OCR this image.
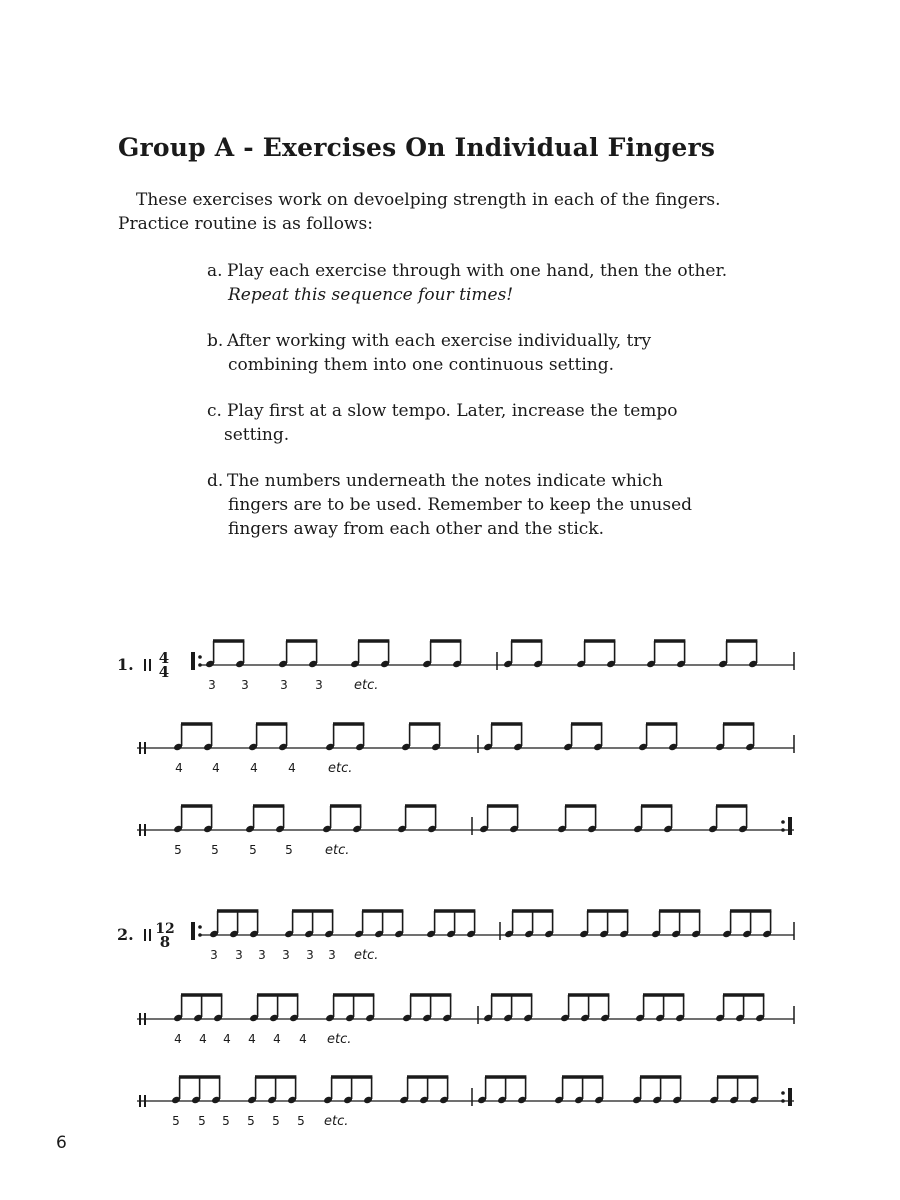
Group A - Exercises On Individual Fingers
These exercises work on devoelping strength in each of the fingers.
Practice routine is as follows:
a. Play each exercise through with one hand, then the other.
Repeat this sequence four times!
b. After working with each exercise individually, try
combining them into one continuous setting.
c. Play first at a slow tempo. Later, increase the tempo
setting.
d. The numbers underneath the notes indicate which
fingers are to be used. Remember to keep the unused
fingers away from each other and the stick.
1. 4
4
3 3	3 3 etc.
4 4	4	4 etc.
5 5	5 5 etc.
2. 12
8
3 3 3 3 3 3 etc.
4 4 4 4 4 4 etc.
5 5 5 5 5 5 etc.
6
